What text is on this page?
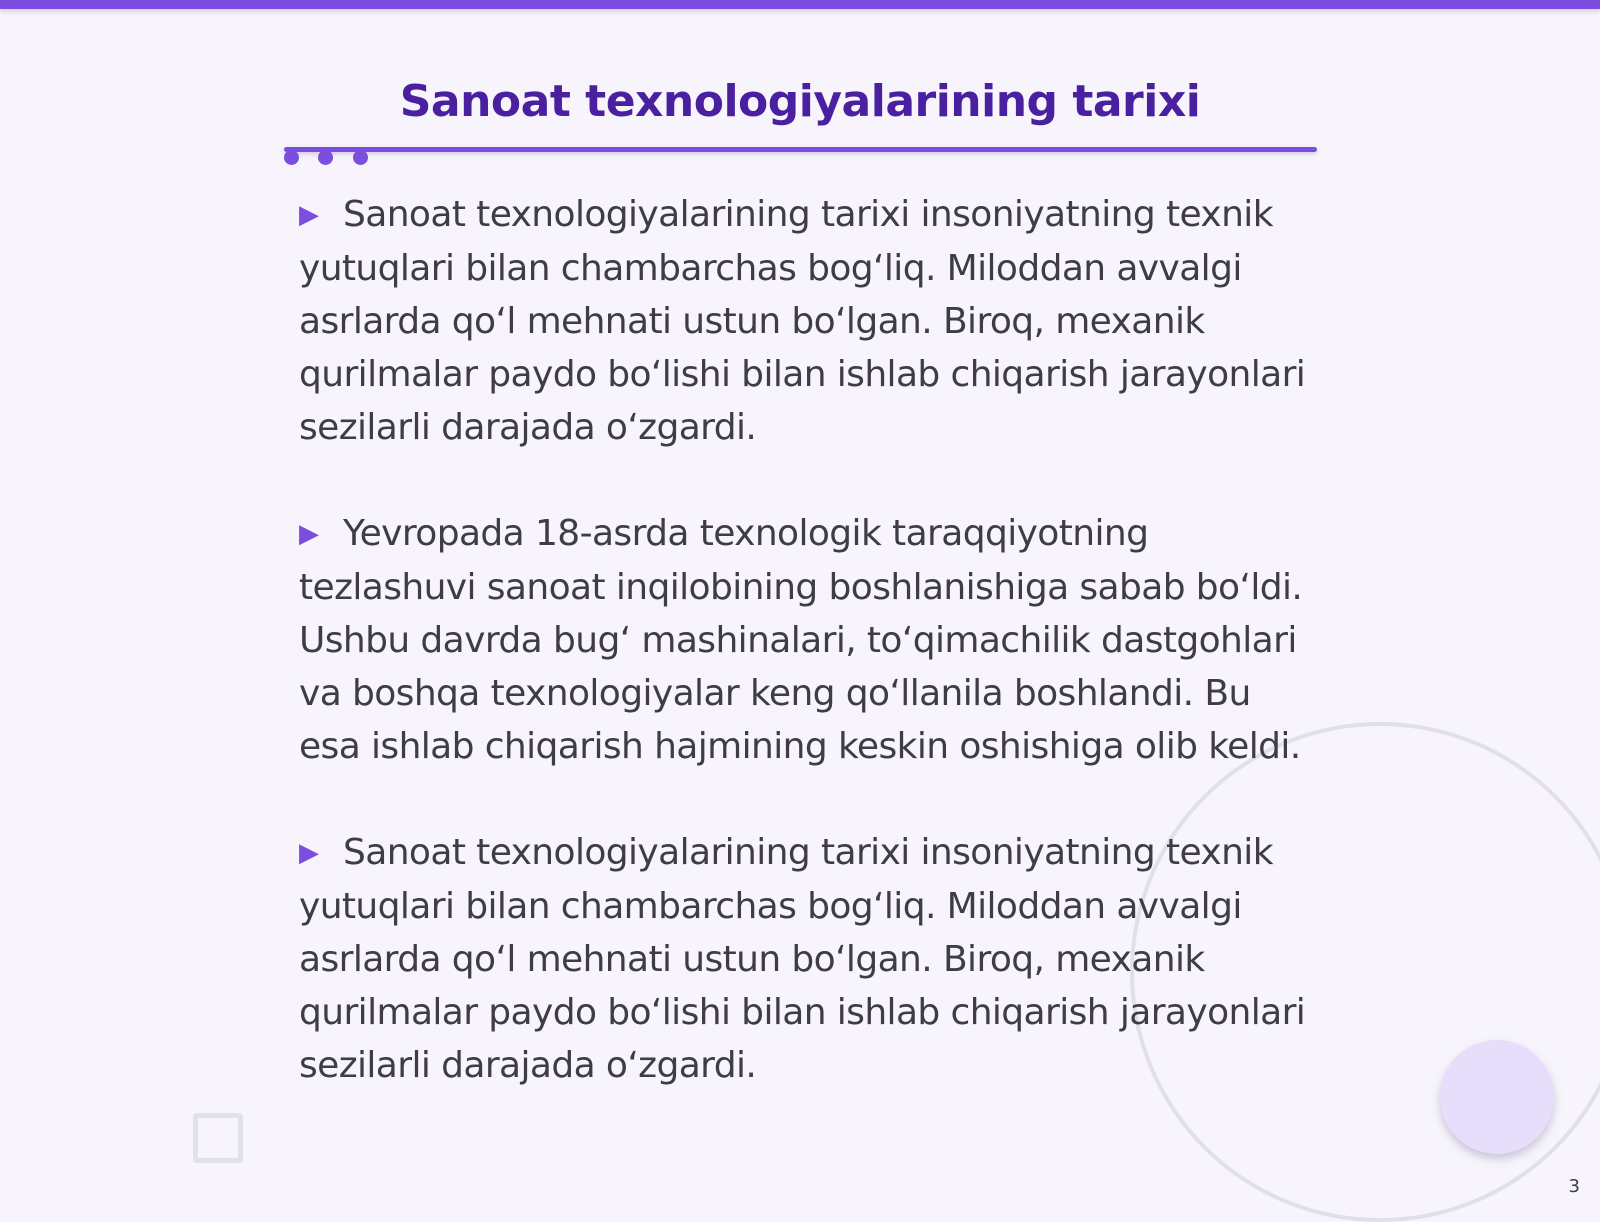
Sanoat texnologiyalarining tarixi

▶ Sanoat texnologiyalarining tarixi insoniyatning texnik yutuqlari bilan chambarchas bog‘liq. Miloddan avvalgi asrlarda qo‘l mehnati ustun bo‘lgan. Biroq, mexanik qurilmalar paydo bo‘lishi bilan ishlab chiqarish jarayonlari sezilarli darajada o‘zgardi.

▶ Yevropada 18-asrda texnologik taraqqiyotning tezlashuvi sanoat inqilobining boshlanishiga sabab bo‘ldi. Ushbu davrda bug‘ mashinalari, to‘qimachilik dastgohlari va boshqa texnologiyalar keng qo‘llanila boshlandi. Bu esa ishlab chiqarish hajmining keskin oshishiga olib keldi.

▶ Sanoat texnologiyalarining tarixi insoniyatning texnik yutuqlari bilan chambarchas bog‘liq. Miloddan avvalgi asrlarda qo‘l mehnati ustun bo‘lgan. Biroq, mexanik qurilmalar paydo bo‘lishi bilan ishlab chiqarish jarayonlari sezilarli darajada o‘zgardi.

3
